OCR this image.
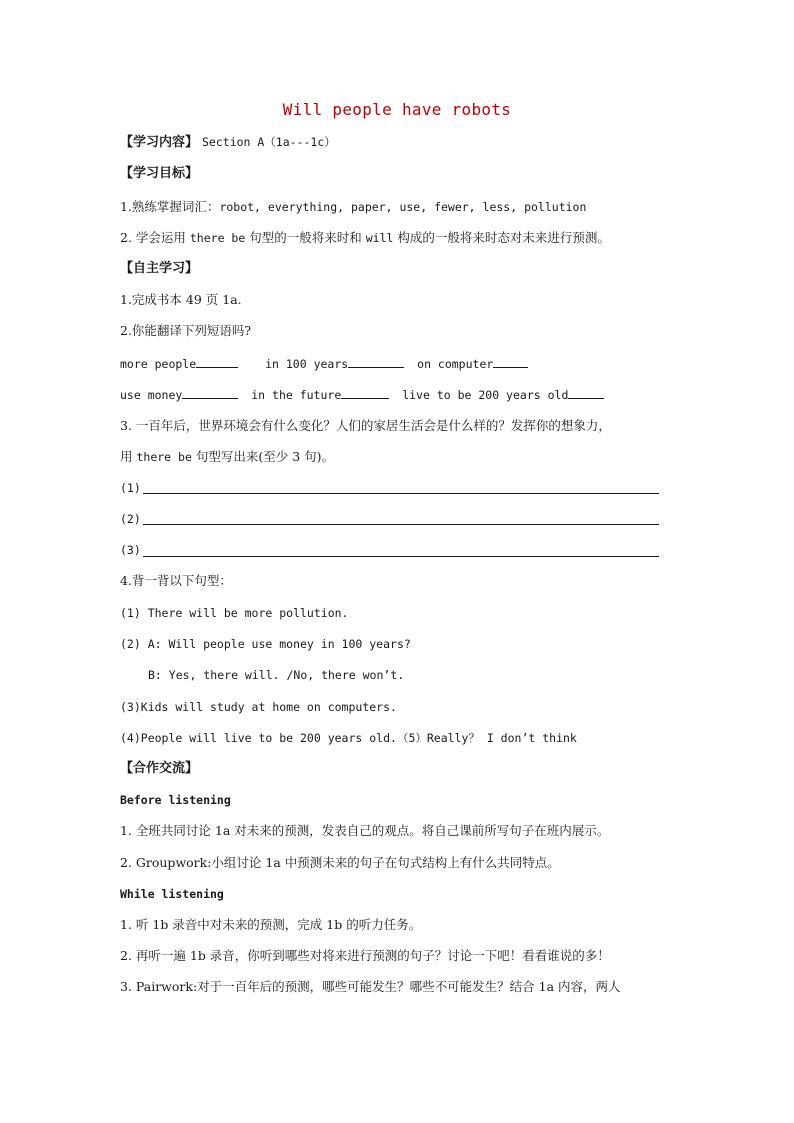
Will people have robots
【学习内容】 Section A（1a---1c）
【学习目标】
1.熟练掌握词汇：robot, everything, paper, use, fewer, less, pollution
2. 学会运用 there be 句型的一般将来时和 will 构成的一般将来时态对未来进行预测。
【自主学习】
1.完成书本 49 页 1a.
2.你能翻译下列短语吗?
more people	in 100 years	on computer
use money	in the future	live to be 200 years old
3. 一百年后，世界环境会有什么变化？人们的家居生活会是什么样的？发挥你的想象力，
用 there be 句型写出来(至少 3 句)。
(1)
(2)
(3)
4.背一背以下句型：
(1) There will be more pollution.
(2) A: Will people use money in 100 years?
B: Yes, there will. /No, there won’t.
(3)Kids will study at home on computers.
(4)People will live to be 200 years old.（5）Really？ I don’t think
【合作交流】
Before listening
1. 全班共同讨论 1a 对未来的预测，发表自己的观点。将自己课前所写句子在班内展示。
2. Groupwork:小组讨论 1a 中预测未来的句子在句式结构上有什么共同特点。
While listening
1. 听 1b 录音中对未来的预测，完成 1b 的听力任务。
2. 再听一遍 1b 录音，你听到哪些对将来进行预测的句子？讨论一下吧！看看谁说的多！
3. Pairwork:对于一百年后的预测，哪些可能发生？哪些不可能发生？结合 1a 内容，两人
